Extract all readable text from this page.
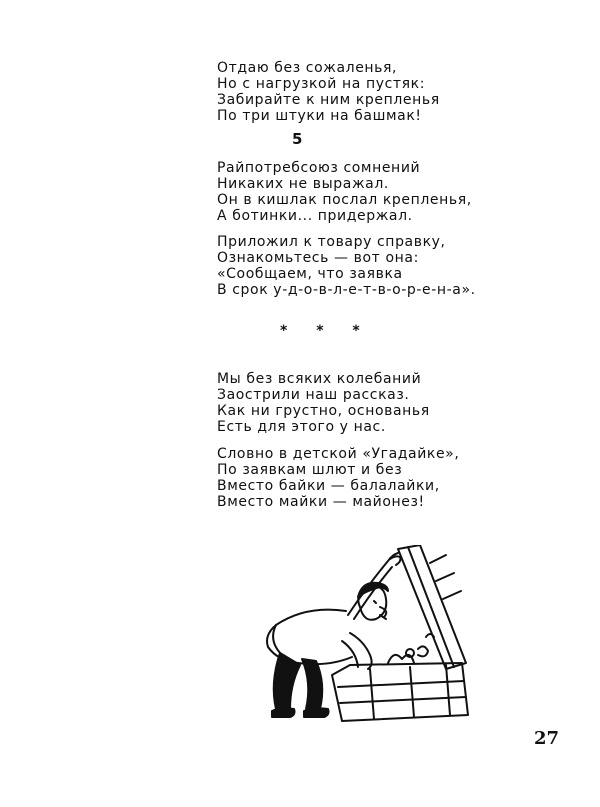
Отдаю без сожаленья,
Но с нагрузкой на пустяк:
Забирайте к ним крепленья
По три штуки на башмак!
5
Райпотребсоюз сомнений
Никаких не выражал.
Он в кишлак послал крепленья,
А ботинки... придержал.
Приложил к товару справку,
Ознакомьтесь — вот она:
«Сообщаем, что заявка
В срок у-д-о-в-л-е-т-в-о-р-е-н-а».
* * *
Мы без всяких колебаний
Заострили наш рассказ.
Как ни грустно, основанья
Есть для этого у нас.
Словно в детской «Угадайке»,
По заявкам шлют и без
Вместо байки — балалайки,
Вместо майки — майонез!
27
